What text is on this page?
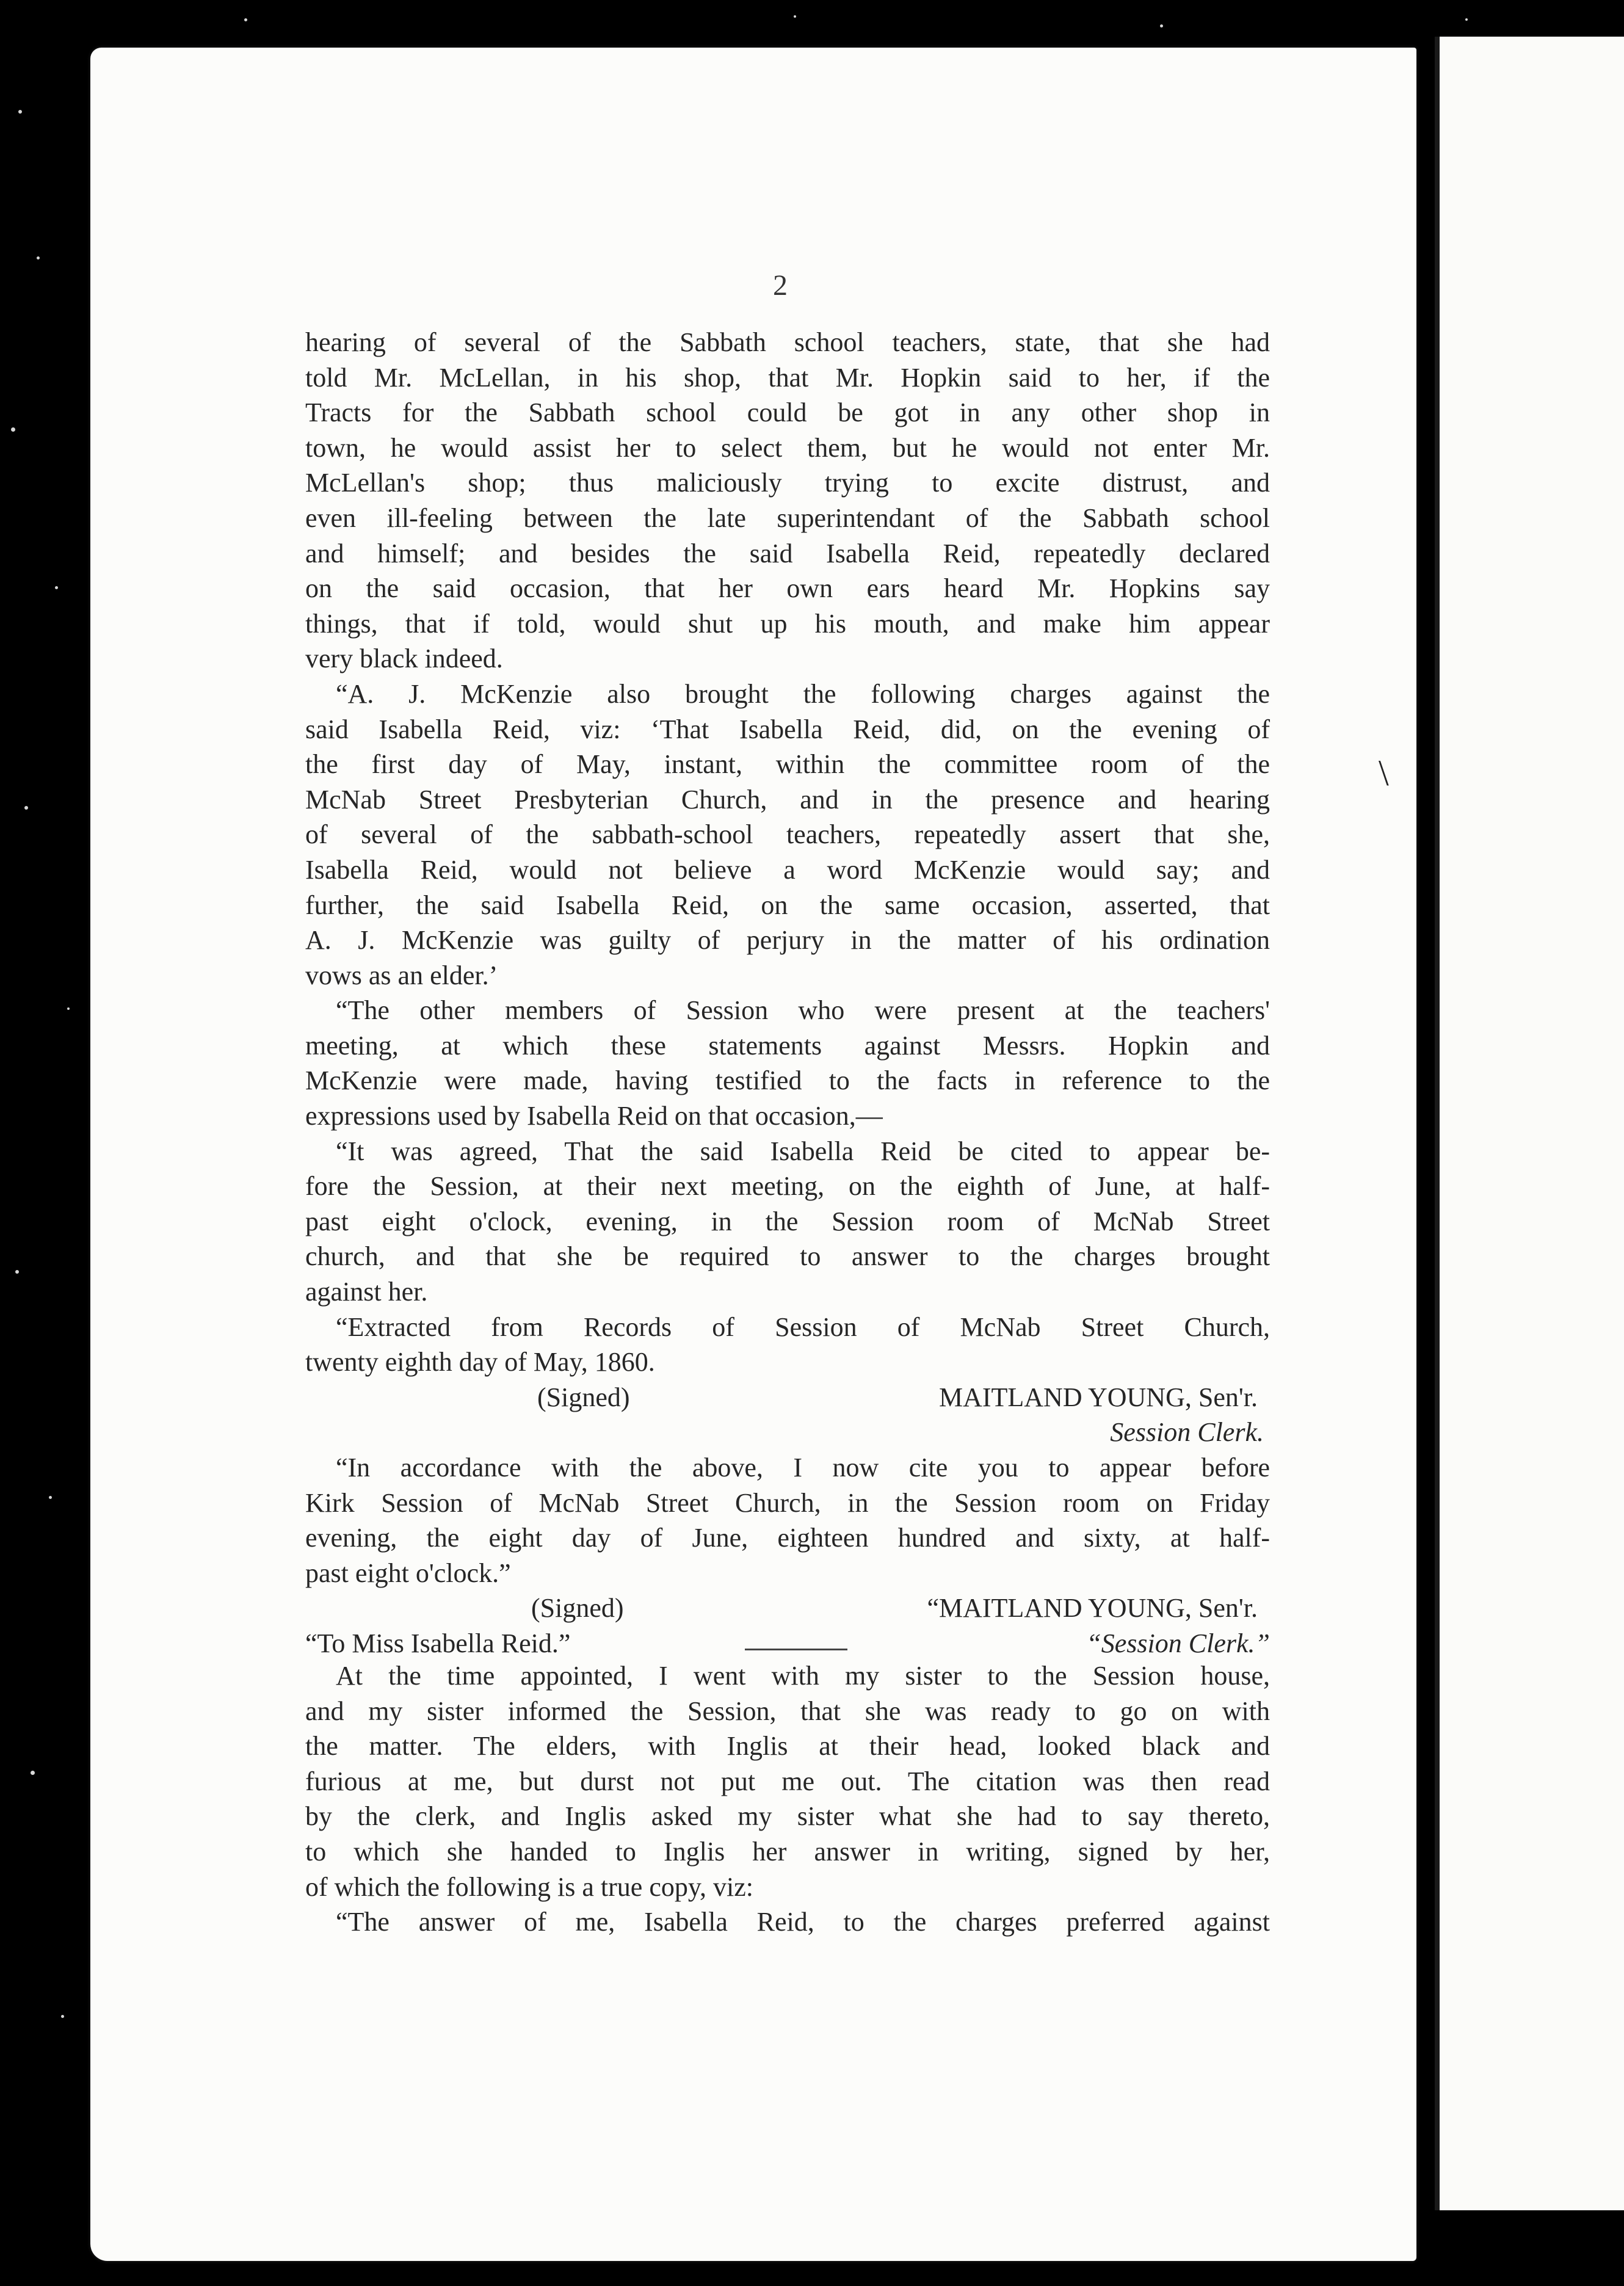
2
hearing of several of the Sabbath school teachers, state, that she had
told Mr. McLellan, in his shop, that Mr. Hopkin said to her, if the
Tracts for the Sabbath school could be got in any other shop in
town, he would assist her to select them, but he would not enter Mr.
McLellan's shop; thus maliciously trying to excite distrust, and
even ill-feeling between the late superintendant of the Sabbath school
and himself; and besides the said Isabella Reid, repeatedly declared
on the said occasion, that her own ears heard Mr. Hopkins say
things, that if told, would shut up his mouth, and make him appear
very black indeed.
“A. J. McKenzie also brought the following charges against the
said Isabella Reid, viz: ‘That Isabella Reid, did, on the evening of
the first day of May, instant, within the committee room of the
McNab Street Presbyterian Church, and in the presence and hearing
of several of the sabbath-school teachers, repeatedly assert that she,
Isabella Reid, would not believe a word McKenzie would say; and
further, the said Isabella Reid, on the same occasion, asserted, that
A. J. McKenzie was guilty of perjury in the matter of his ordination
vows as an elder.’
“The other members of Session who were present at the teachers'
meeting, at which these statements against Messrs. Hopkin and
McKenzie were made, having testified to the facts in reference to the
expressions used by Isabella Reid on that occasion,—
“It was agreed, That the said Isabella Reid be cited to appear be-
fore the Session, at their next meeting, on the eighth of June, at half-
past eight o'clock, evening, in the Session room of McNab Street
church, and that she be required to answer to the charges brought
against her.
“Extracted from Records of Session of McNab Street Church,
twenty eighth day of May, 1860.
(Signed)	MAITLAND YOUNG, Sen'r.
Session Clerk.
“In accordance with the above, I now cite you to appear before
Kirk Session of McNab Street Church, in the Session room on Friday
evening, the eight day of June, eighteen hundred and sixty, at half-
past eight o'clock.”
(Signed)	“MAITLAND YOUNG, Sen'r.
“To Miss Isabella Reid.”	“Session Clerk.”
At the time appointed, I went with my sister to the Session house,
and my sister informed the Session, that she was ready to go on with
the matter. The elders, with Inglis at their head, looked black and
furious at me, but durst not put me out. The citation was then read
by the clerk, and Inglis asked my sister what she had to say thereto,
to which she handed to Inglis her answer in writing, signed by her,
of which the following is a true copy, viz:
“The answer of me, Isabella Reid, to the charges preferred against
\
